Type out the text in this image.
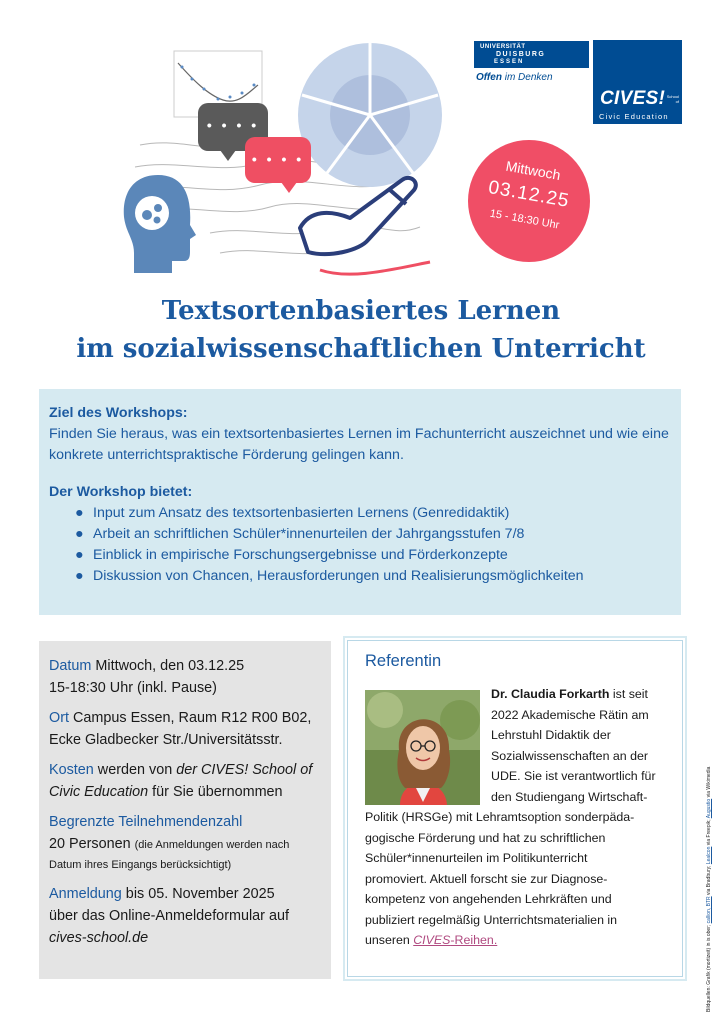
• • • •
• • • •
UNIVERSITÄT
DUISBURG
ESSEN
Offen im Denken
CIVES! School of
Civic Education
Mittwoch
03.12.25
15 - 18:30 Uhr
Textsortenbasiertes Lernen
im sozialwissenschaftlichen Unterricht
Ziel des Workshops:
Finden Sie heraus, was ein textsortenbasiertes Lernen im Fachunterricht auszeichnet und wie eine konkrete unterrichtspraktische Förderung gelingen kann.
Der Workshop bietet:
● Input zum Ansatz des textsortenbasierten Lernens (Genredidaktik)
● Arbeit an schriftlichen Schüler*innenurteilen der Jahrgangsstufen 7/8
● Einblick in empirische Forschungsergebnisse und Förderkonzepte
● Diskussion von Chancen, Herausforderungen und Realisierungsmöglichkeiten
Datum Mittwoch, den 03.12.25
15-18:30 Uhr (inkl. Pause)
Ort Campus Essen, Raum R12 R00 B02,
Ecke Gladbecker Str./Universitätsstr.
Kosten werden von der CIVES! School of
Civic Education für Sie übernommen
Begrenzte Teilnehmendenzahl
20 Personen (die Anmeldungen werden nach
Datum ihres Eingangs berücksichtigt)
Anmeldung bis 05. November 2025
über das Online-Anmeldeformular auf
cives-school.de
Referentin
Dr. Claudia Forkarth ist seit
2022 Akademische Rätin am
Lehrstuhl Didaktik der
Sozialwissenschaften an der
UDE. Sie ist verantwortlich für
den Studiengang Wirtschaft-
Politik (HRSGe) mit Lehramtsoption sonderpäda-
gogische Förderung und hat zu schriftlichen
Schüler*innenurteilen im Politikunterricht
promoviert. Aktuell forscht sie zur Diagnose-
kompetenz von angehenden Lehrkräften und
publiziert regelmäßig Unterrichtsmaterialien in
unseren CIVES-Reihen.	Bildquellen: Grafik (mortizeit) in is ober; callion, BTR via Bradbury; Lealcon via Freepik; Augustio via Wikimedia
